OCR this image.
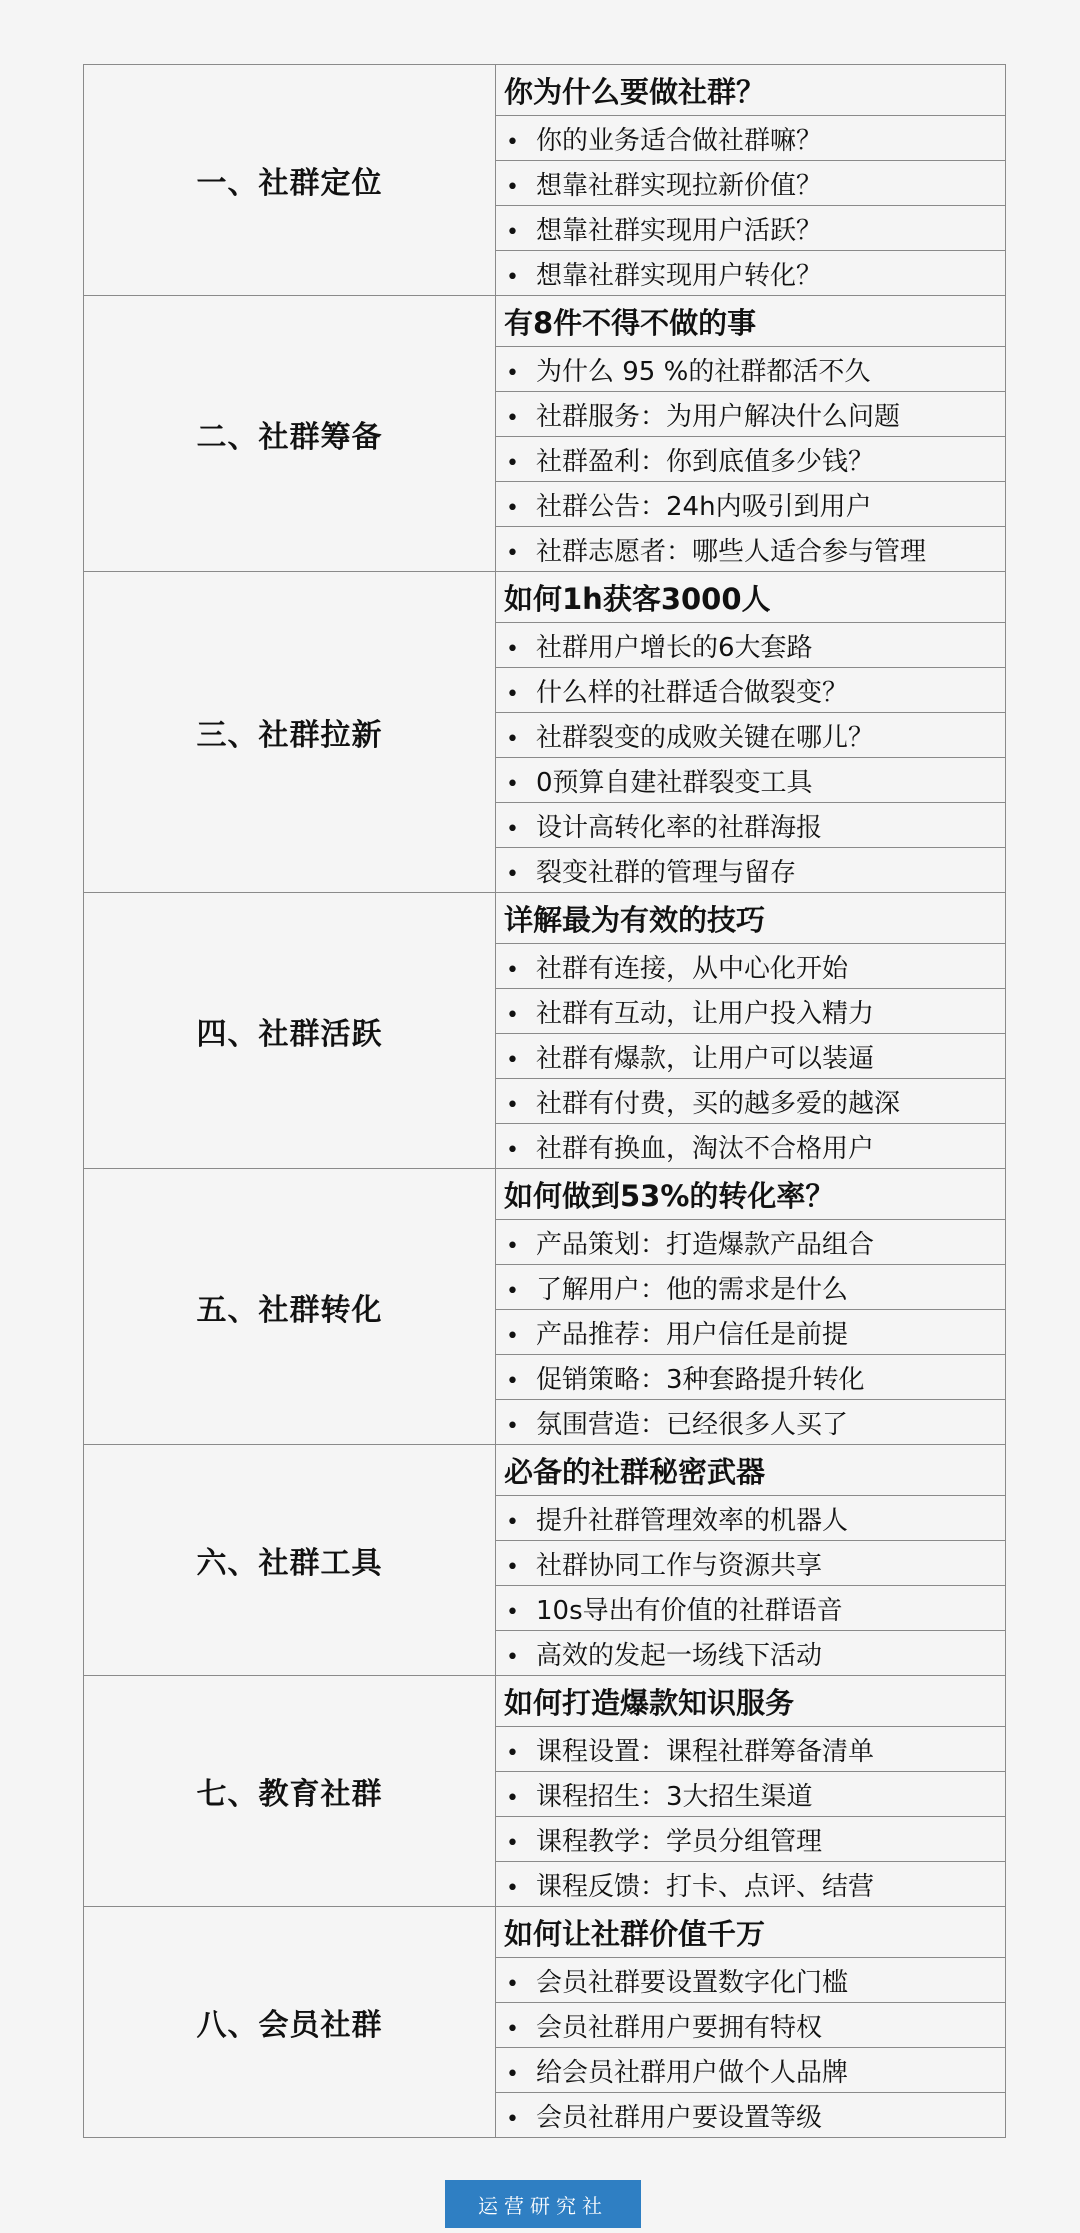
一、社群定位	你为什么要做社群？
	• 你的业务适合做社群嘛？
	• 想靠社群实现拉新价值？
	• 想靠社群实现用户活跃？
	• 想靠社群实现用户转化？
二、社群筹备	有8件不得不做的事
	• 为什么 95 %的社群都活不久
	• 社群服务：为用户解决什么问题
	• 社群盈利：你到底值多少钱？
	• 社群公告：24h内吸引到用户
	• 社群志愿者：哪些人适合参与管理
三、社群拉新	如何1h获客3000人
	• 社群用户增长的6大套路
	• 什么样的社群适合做裂变？
	• 社群裂变的成败关键在哪儿？
	• 0预算自建社群裂变工具
	• 设计高转化率的社群海报
	• 裂变社群的管理与留存
四、社群活跃	详解最为有效的技巧
	• 社群有连接，从中心化开始
	• 社群有互动，让用户投入精力
	• 社群有爆款，让用户可以装逼
	• 社群有付费，买的越多爱的越深
	• 社群有换血，淘汰不合格用户
五、社群转化	如何做到53%的转化率？
	• 产品策划：打造爆款产品组合
	• 了解用户：他的需求是什么
	• 产品推荐：用户信任是前提
	• 促销策略：3种套路提升转化
	• 氛围营造：已经很多人买了
六、社群工具	必备的社群秘密武器
	• 提升社群管理效率的机器人
	• 社群协同工作与资源共享
	• 10s导出有价值的社群语音
	• 高效的发起一场线下活动
七、教育社群	如何打造爆款知识服务
	• 课程设置：课程社群筹备清单
	• 课程招生：3大招生渠道
	• 课程教学：学员分组管理
	• 课程反馈：打卡、点评、结营
八、会员社群	如何让社群价值千万
	• 会员社群要设置数字化门槛
	• 会员社群用户要拥有特权
	• 给会员社群用户做个人品牌
	• 会员社群用户要设置等级
运营研究社
